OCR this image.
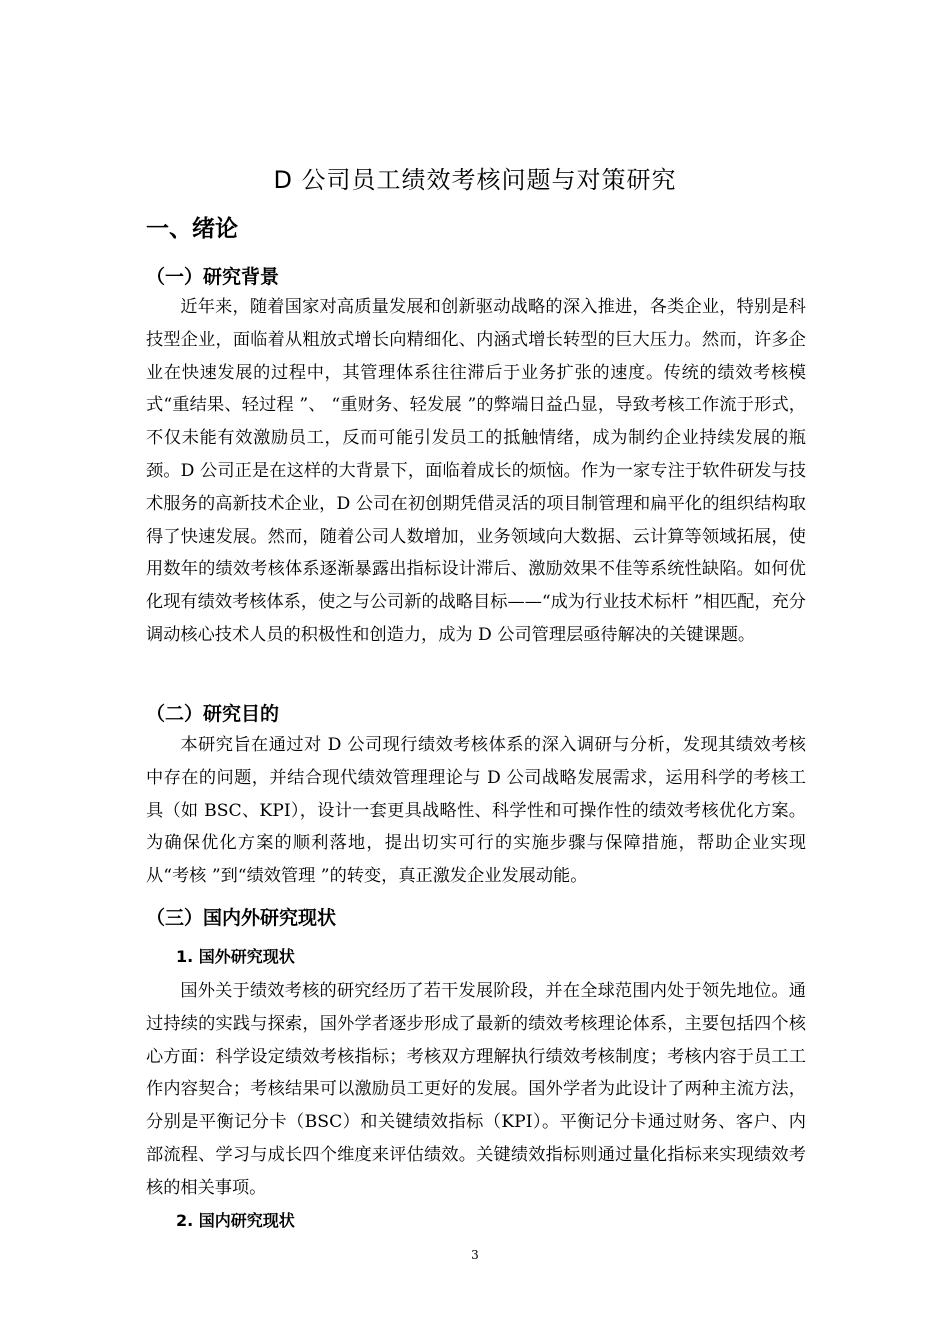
D 公司员工绩效考核问题与对策研究
一、绪论
（一）研究背景

近年来，随着国家对高质量发展和创新驱动战略的深入推进，各类企业，特别是科技型企业，面临着从粗放式增长向精细化、内涵式增长转型的巨大压力。然而，许多企业在快速发展的过程中，其管理体系往往滞后于业务扩张的速度。传统的绩效考核模式“重结果、轻过程 ”、 “重财务、轻发展 ”的弊端日益凸显，导致考核工作流于形式，不仅未能有效激励员工，反而可能引发员工的抵触情绪，成为制约企业持续发展的瓶颈。D 公司正是在这样的大背景下，面临着成长的烦恼。作为一家专注于软件研发与技术服务的高新技术企业，D 公司在初创期凭借灵活的项目制管理和扁平化的组织结构取得了快速发展。然而，随着公司人数增加，业务领域向大数据、云计算等领域拓展，使用数年的绩效考核体系逐渐暴露出指标设计滞后、激励效果不佳等系统性缺陷。如何优化现有绩效考核体系，使之与公司新的战略目标——“成为行业技术标杆 ”相匹配，充分调动核心技术人员的积极性和创造力，成为 D 公司管理层亟待解决的关键课题。

（二）研究目的

本研究旨在通过对 D 公司现行绩效考核体系的深入调研与分析，发现其绩效考核中存在的问题，并结合现代绩效管理理论与 D 公司战略发展需求，运用科学的考核工具（如 BSC、KPI），设计一套更具战略性、科学性和可操作性的绩效考核优化方案。为确保优化方案的顺利落地，提出切实可行的实施步骤与保障措施，帮助企业实现从“考核 ”到“绩效管理 ”的转变，真正激发企业发展动能。

（三）国内外研究现状
1. 国外研究现状

国外关于绩效考核的研究经历了若干发展阶段，并在全球范围内处于领先地位。通过持续的实践与探索，国外学者逐步形成了最新的绩效考核理论体系，主要包括四个核心方面：科学设定绩效考核指标；考核双方理解执行绩效考核制度；考核内容于员工工作内容契合；考核结果可以激励员工更好的发展。国外学者为此设计了两种主流方法，分别是平衡记分卡（BSC）和关键绩效指标（KPI）。平衡记分卡通过财务、客户、内部流程、学习与成长四个维度来评估绩效。关键绩效指标则通过量化指标来实现绩效考核的相关事项。

2. 国内研究现状
3
